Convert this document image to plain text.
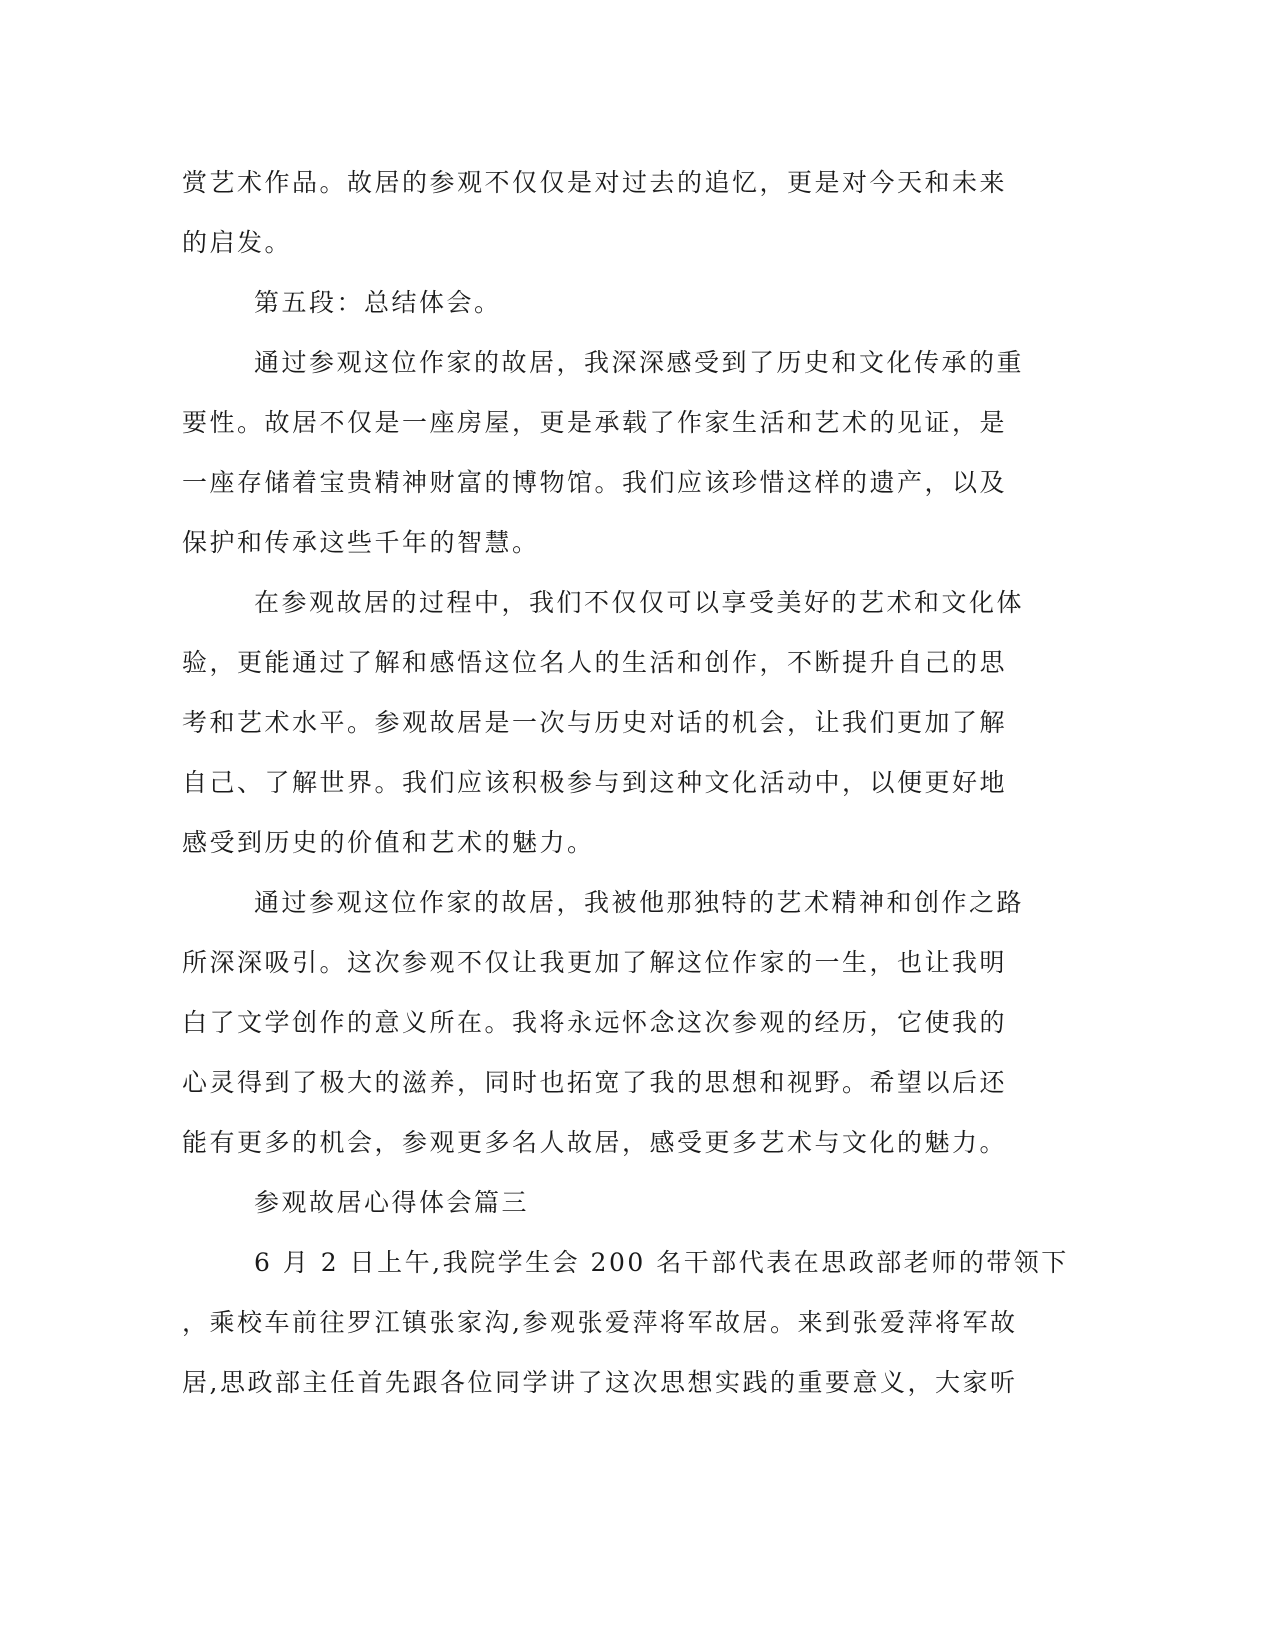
赏艺术作品。故居的参观不仅仅是对过去的追忆，更是对今天和未来
的启发。
第五段：总结体会。
通过参观这位作家的故居，我深深感受到了历史和文化传承的重
要性。故居不仅是一座房屋，更是承载了作家生活和艺术的见证，是
一座存储着宝贵精神财富的博物馆。我们应该珍惜这样的遗产，以及
保护和传承这些千年的智慧。
在参观故居的过程中，我们不仅仅可以享受美好的艺术和文化体
验，更能通过了解和感悟这位名人的生活和创作，不断提升自己的思
考和艺术水平。参观故居是一次与历史对话的机会，让我们更加了解
自己、了解世界。我们应该积极参与到这种文化活动中，以便更好地
感受到历史的价值和艺术的魅力。
通过参观这位作家的故居，我被他那独特的艺术精神和创作之路
所深深吸引。这次参观不仅让我更加了解这位作家的一生，也让我明
白了文学创作的意义所在。我将永远怀念这次参观的经历，它使我的
心灵得到了极大的滋养，同时也拓宽了我的思想和视野。希望以后还
能有更多的机会，参观更多名人故居，感受更多艺术与文化的魅力。
参观故居心得体会篇三
6 月 2 日上午,我院学生会 200 名干部代表在思政部老师的带领下
，乘校车前往罗江镇张家沟,参观张爱萍将军故居。来到张爱萍将军故
居,思政部主任首先跟各位同学讲了这次思想实践的重要意义，大家听
